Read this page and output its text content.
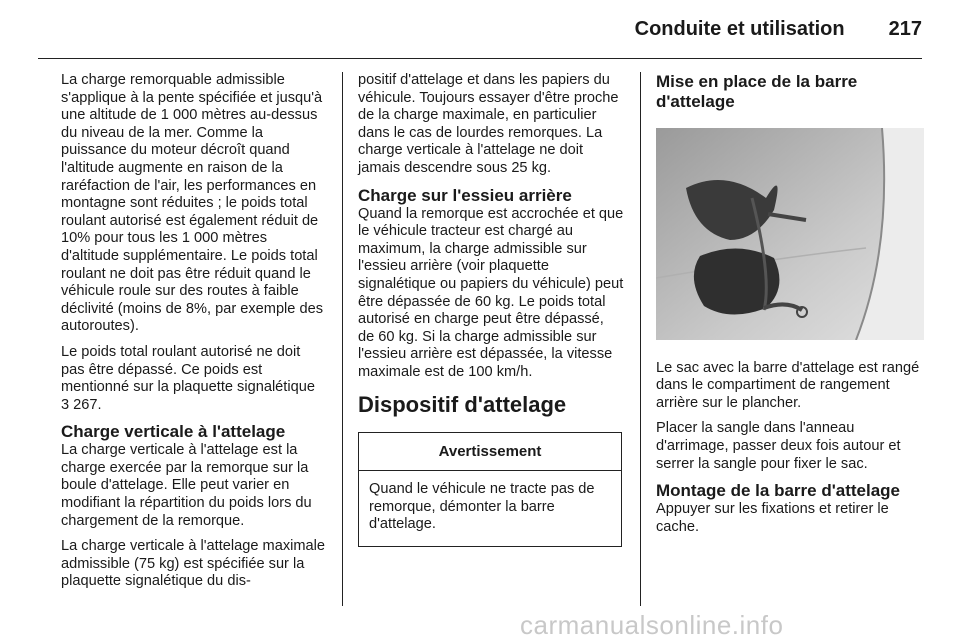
Conduite et utilisation 217

La charge remorquable admissible s'applique à la pente spécifiée et jusqu'à une altitude de 1 000 mètres au-dessus du niveau de la mer. Comme la puissance du moteur décroît quand l'altitude augmente en raison de la raréfaction de l'air, les performances en montagne sont réduites ; le poids total roulant autorisé est également réduit de 10% pour tous les 1 000 mètres d'altitude supplémentaire. Le poids total roulant ne doit pas être réduit quand le véhicule roule sur des routes à faible déclivité (moins de 8%, par exemple des autoroutes).

Le poids total roulant autorisé ne doit pas être dépassé. Ce poids est mentionné sur la plaquette signalétique
3 267.

Charge verticale à l'attelage

La charge verticale à l'attelage est la charge exercée par la remorque sur la boule d'attelage. Elle peut varier en modifiant la répartition du poids lors du chargement de la remorque.

La charge verticale à l'attelage maximale admissible (75 kg) est spécifiée sur la plaquette signalétique du dis-

positif d'attelage et dans les papiers du véhicule. Toujours essayer d'être proche de la charge maximale, en particulier dans le cas de lourdes remorques. La charge verticale à l'attelage ne doit jamais descendre sous 25 kg.

Charge sur l'essieu arrière

Quand la remorque est accrochée et que le véhicule tracteur est chargé au maximum, la charge admissible sur l'essieu arrière (voir plaquette signalétique ou papiers du véhicule) peut être dépassée de 60 kg. Le poids total autorisé en charge peut être dépassé, de 60 kg. Si la charge admissible sur l'essieu arrière est dépassée, la vitesse maximale est de 100 km/h.

Dispositif d'attelage
Avertissement
Quand le véhicule ne tracte pas de remorque, démonter la barre d'attelage.
Mise en place de la barre d'attelage

Le sac avec la barre d'attelage est rangé dans le compartiment de rangement arrière sur le plancher.

Placer la sangle dans l'anneau d'arrimage, passer deux fois autour et serrer la sangle pour fixer le sac.

Montage de la barre d'attelage

Appuyer sur les fixations et retirer le cache.

carmanualsonline.info
